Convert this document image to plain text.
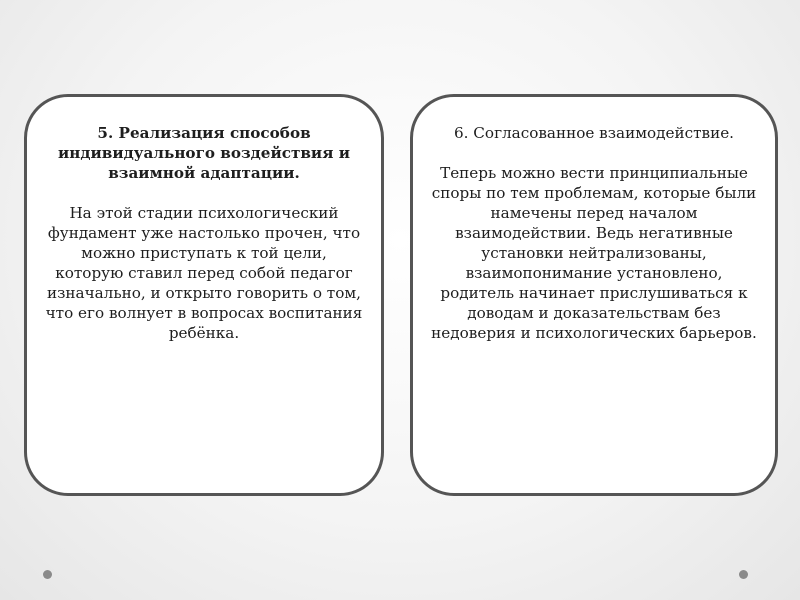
5. Реализация способов индивидуального воздействия и взаимной адаптации.

На этой стадии психологический фундамент уже настолько прочен, что можно приступать к той цели, которую ставил перед собой педагог изначально, и открыто говорить о том, что его волнует в вопросах воспитания ребёнка.

6. Согласованное взаимодействие.

Теперь можно вести принципиальные споры по тем проблемам, которые были намечены перед началом взаимодействии. Ведь негативные установки нейтрализованы, взаимопонимание установлено, родитель начинает прислушиваться к доводам и доказательствам без недоверия и психологических барьеров.
